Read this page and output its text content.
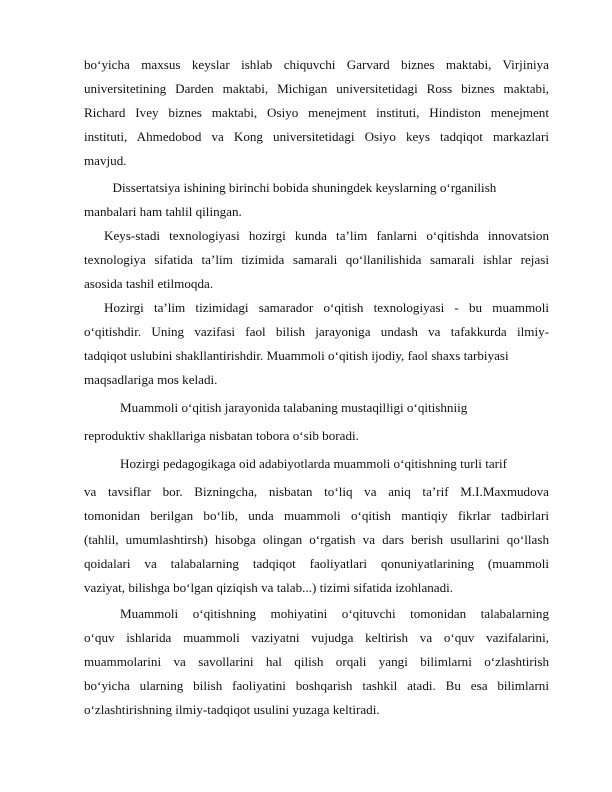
bo‘yicha maxsus keyslar ishlab chiquvchi Garvard biznes maktabi, Virjiniya
universitetining Darden maktabi, Michigan universitetidagi Ross biznes maktabi,
Richard Ivey biznes maktabi, Osiyo menejment instituti, Hindiston menejment
instituti, Ahmedobod va Kong universitetidagi Osiyo keys tadqiqot markazlari
mavjud.
Dissertatsiya ishining birinchi bobida shuningdek keyslarning o‘rganilish
manbalari ham tahlil qilingan.
Keys-stadi texnologiyasi hozirgi kunda ta’lim fanlarni o‘qitishda innovatsion
texnologiya sifatida ta’lim tizimida samarali qo‘llanilishida samarali ishlar rejasi
asosida tashil etilmoqda.
Hozirgi ta’lim tizimidagi samarador o‘qitish texnologiyasi - bu muammoli
o‘qitishdir. Uning vazifasi faol bilish jarayoniga undash va tafakkurda ilmiy-
tadqiqot uslubini shakllantirishdir. Muammoli o‘qitish ijodiy, faol shaxs tarbiyasi
maqsadlariga mos keladi.
Muammoli o‘qitish jarayonida talabaning mustaqilligi o‘qitishniig
reproduktiv shakllariga nisbatan tobora o‘sib boradi.
Hozirgi pedagogikaga oid adabiyotlarda muammoli o‘qitishning turli tarif
va tavsiflar bor. Bizningcha, nisbatan to‘liq va aniq ta’rif M.I.Maxmudova
tomonidan berilgan bo‘lib, unda muammoli o‘qitish mantiqiy fikrlar tadbirlari
(tahlil, umumlashtirsh) hisobga olingan o‘rgatish va dars berish usullarini qo‘llash
qoidalari va talabalarning tadqiqot faoliyatlari qonuniyatlarining (muammoli
vaziyat, bilishga bo‘lgan qiziqish va talab...) tizimi sifatida izohlanadi.
Muammoli o‘qitishning mohiyatini o‘qituvchi tomonidan talabalarning
o‘quv ishlarida muammoli vaziyatni vujudga keltirish va o‘quv vazifalarini,
muammolarini va savollarini hal qilish orqali yangi bilimlarni o‘zlashtirish
bo‘yicha ularning bilish faoliyatini boshqarish tashkil atadi. Bu esa bilimlarni
o‘zlashtirishning ilmiy-tadqiqot usulini yuzaga keltiradi.
